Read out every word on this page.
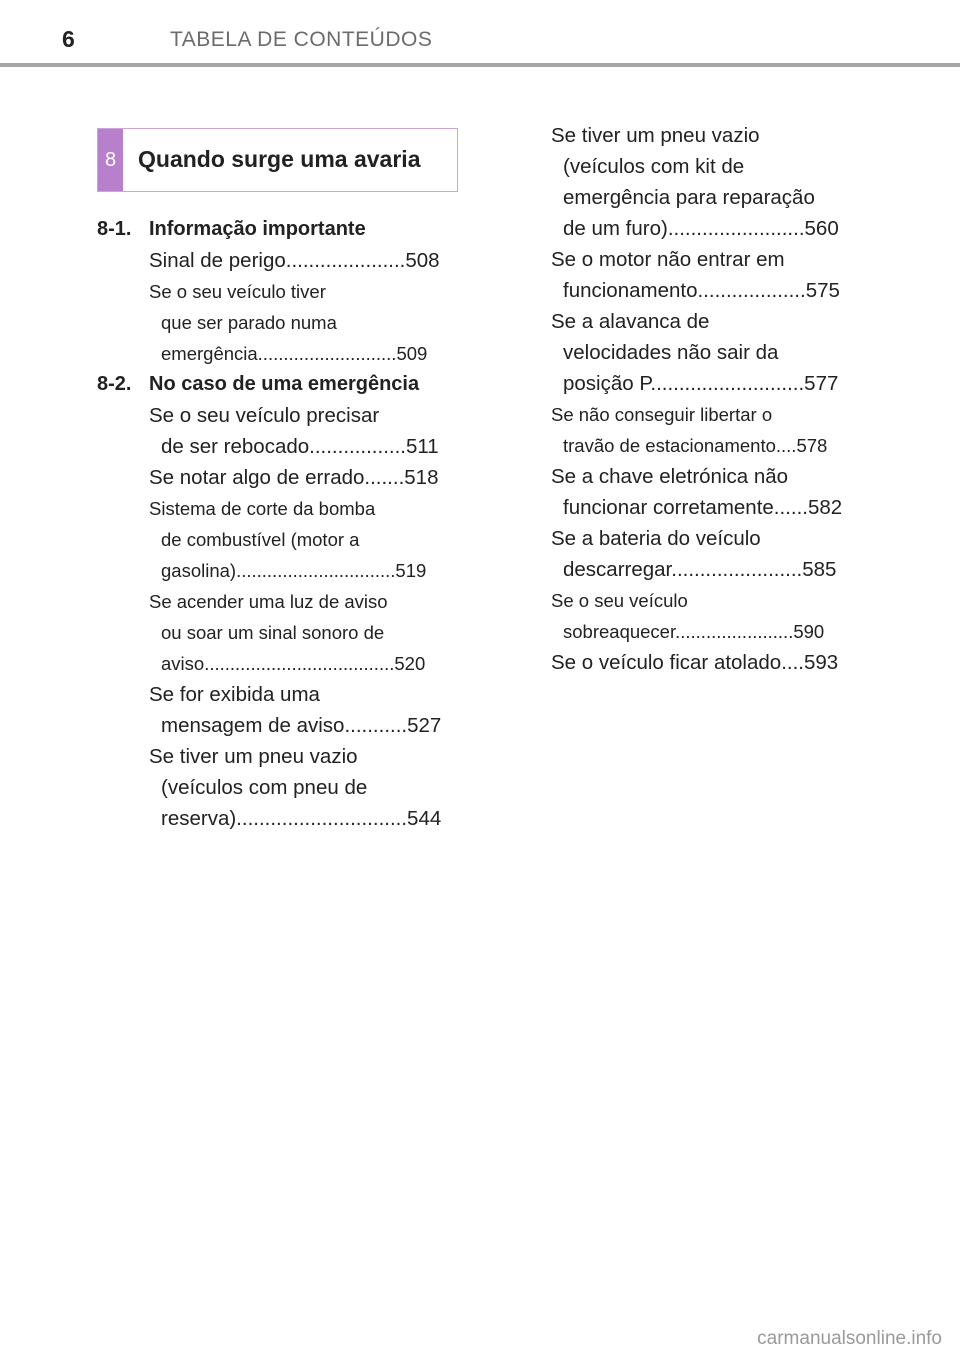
6	TABELA DE CONTEÚDOS
8 Quando surge uma avaria
8-1. Informação importante
Sinal de perigo.....................508
Se o seu veículo tiver
que ser parado numa
emergência...........................509
8-2. No caso de uma emergência
Se o seu veículo precisar
de ser rebocado.................511
Se notar algo de errado.......518
Sistema de corte da bomba
de combustível (motor a
gasolina)...............................519
Se acender uma luz de aviso
ou soar um sinal sonoro de
aviso.....................................520
Se for exibida uma
mensagem de aviso...........527
Se tiver um pneu vazio
(veículos com pneu de
reserva)..............................544
Se tiver um pneu vazio
(veículos com kit de
emergência para reparação
de um furo)........................560
Se o motor não entrar em
funcionamento...................575
Se a alavanca de
velocidades não sair da
posição P...........................577
Se não conseguir libertar o
travão de estacionamento....578
Se a chave eletrónica não
funcionar corretamente......582
Se a bateria do veículo
descarregar.......................585
Se o seu veículo
sobreaquecer.......................590
Se o veículo ficar atolado....593
carmanualsonline.info
